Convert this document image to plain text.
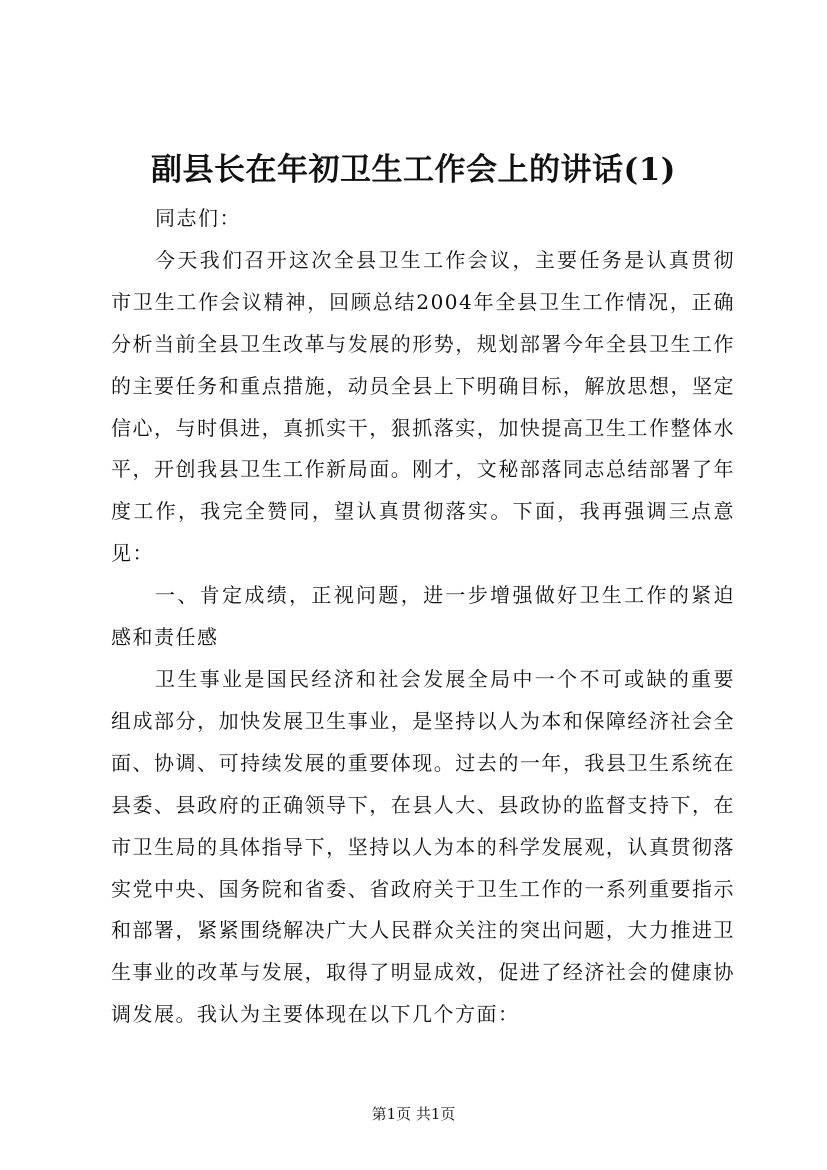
副县长在年初卫生工作会上的讲话(1)

同志们：

今天我们召开这次全县卫生工作会议，主要任务是认真贯彻市卫生工作会议精神，回顾总结2004年全县卫生工作情况，正确分析当前全县卫生改革与发展的形势，规划部署今年全县卫生工作的主要任务和重点措施，动员全县上下明确目标，解放思想，坚定信心，与时俱进，真抓实干，狠抓落实，加快提高卫生工作整体水平，开创我县卫生工作新局面。刚才，文秘部落同志总结部署了年度工作，我完全赞同，望认真贯彻落实。下面，我再强调三点意见：

一、肯定成绩，正视问题，进一步增强做好卫生工作的紧迫感和责任感

卫生事业是国民经济和社会发展全局中一个不可或缺的重要组成部分，加快发展卫生事业，是坚持以人为本和保障经济社会全面、协调、可持续发展的重要体现。过去的一年，我县卫生系统在县委、县政府的正确领导下，在县人大、县政协的监督支持下，在市卫生局的具体指导下，坚持以人为本的科学发展观，认真贯彻落实党中央、国务院和省委、省政府关于卫生工作的一系列重要指示和部署，紧紧围绕解决广大人民群众关注的突出问题，大力推进卫生事业的改革与发展，取得了明显成效，促进了经济社会的健康协调发展。我认为主要体现在以下几个方面：

第1页 共1页
